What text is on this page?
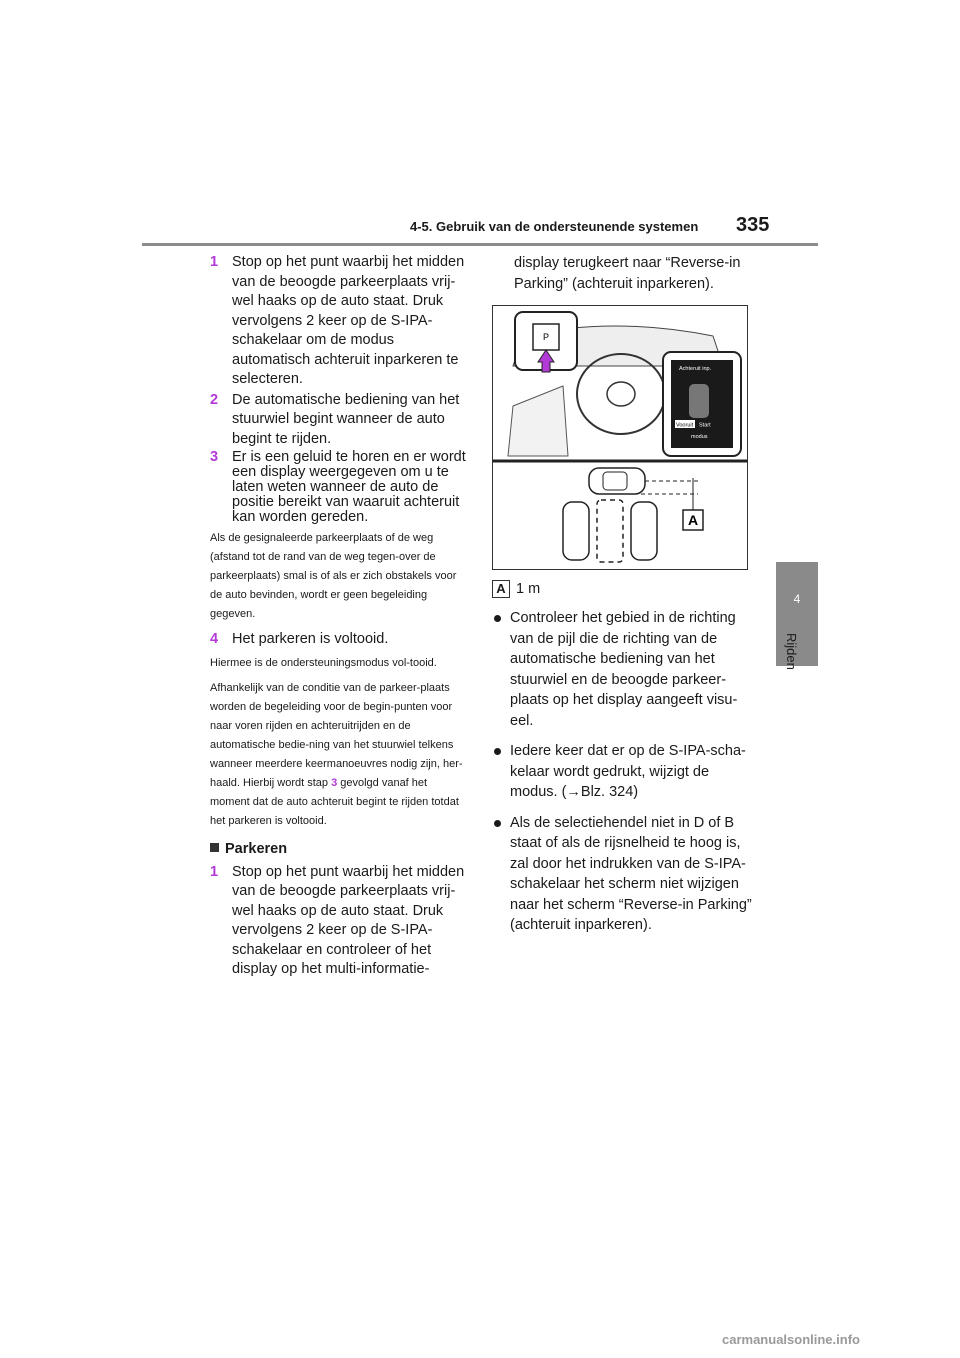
4-5. Gebruik van de ondersteunende systemen 335
4
Rijden
1 Stop op het punt waarbij het midden van de beoogde parkeerplaats vrij-wel haaks op de auto staat. Druk vervolgens 2 keer op de S-IPA-schakelaar om de modus automatisch achteruit inparkeren te selecteren.
2 De automatische bediening van het stuurwiel begint wanneer de auto begint te rijden.
3 Er is een geluid te horen en er wordt een display weergegeven om u te laten weten wanneer de auto de positie bereikt van waaruit achteruit kan worden gereden.
Als de gesignaleerde parkeerplaats of de weg (afstand tot de rand van de weg tegen-over de parkeerplaats) smal is of als er zich obstakels voor de auto bevinden, wordt er geen begeleiding gegeven.
4 Het parkeren is voltooid.
Hiermee is de ondersteuningsmodus vol-tooid.
Afhankelijk van de conditie van de parkeer-plaats worden de begeleiding voor de begin-punten voor naar voren rijden en achteruitrijden en de automatische bedie-ning van het stuurwiel telkens wanneer meerdere keermanoeuvres nodig zijn, her-haald. Hierbij wordt stap 3 gevolgd vanaf het moment dat de auto achteruit begint te rijden totdat het parkeren is voltooid.
Parkeren
1 Stop op het punt waarbij het midden van de beoogde parkeerplaats vrij-wel haaks op de auto staat. Druk vervolgens 2 keer op de S-IPA-schakelaar en controleer of het display op het multi-informatie-
display terugkeert naar “Reverse-in Parking” (achteruit inparkeren).
P
Achteruit inp.
Vooruit Start
modus
A
A 1 m
Controleer het gebied in de richting van de pijl die de richting van de automatische bediening van het stuurwiel en de beoogde parkeer-plaats op het display aangeeft visu-eel.
Iedere keer dat er op de S-IPA-scha-kelaar wordt gedrukt, wijzigt de modus. (→Blz. 324)
Als de selectiehendel niet in D of B staat of als de rijsnelheid te hoog is, zal door het indrukken van de S-IPA-schakelaar het scherm niet wijzigen naar het scherm “Reverse-in Parking” (achteruit inparkeren).
carmanualsonline.info
